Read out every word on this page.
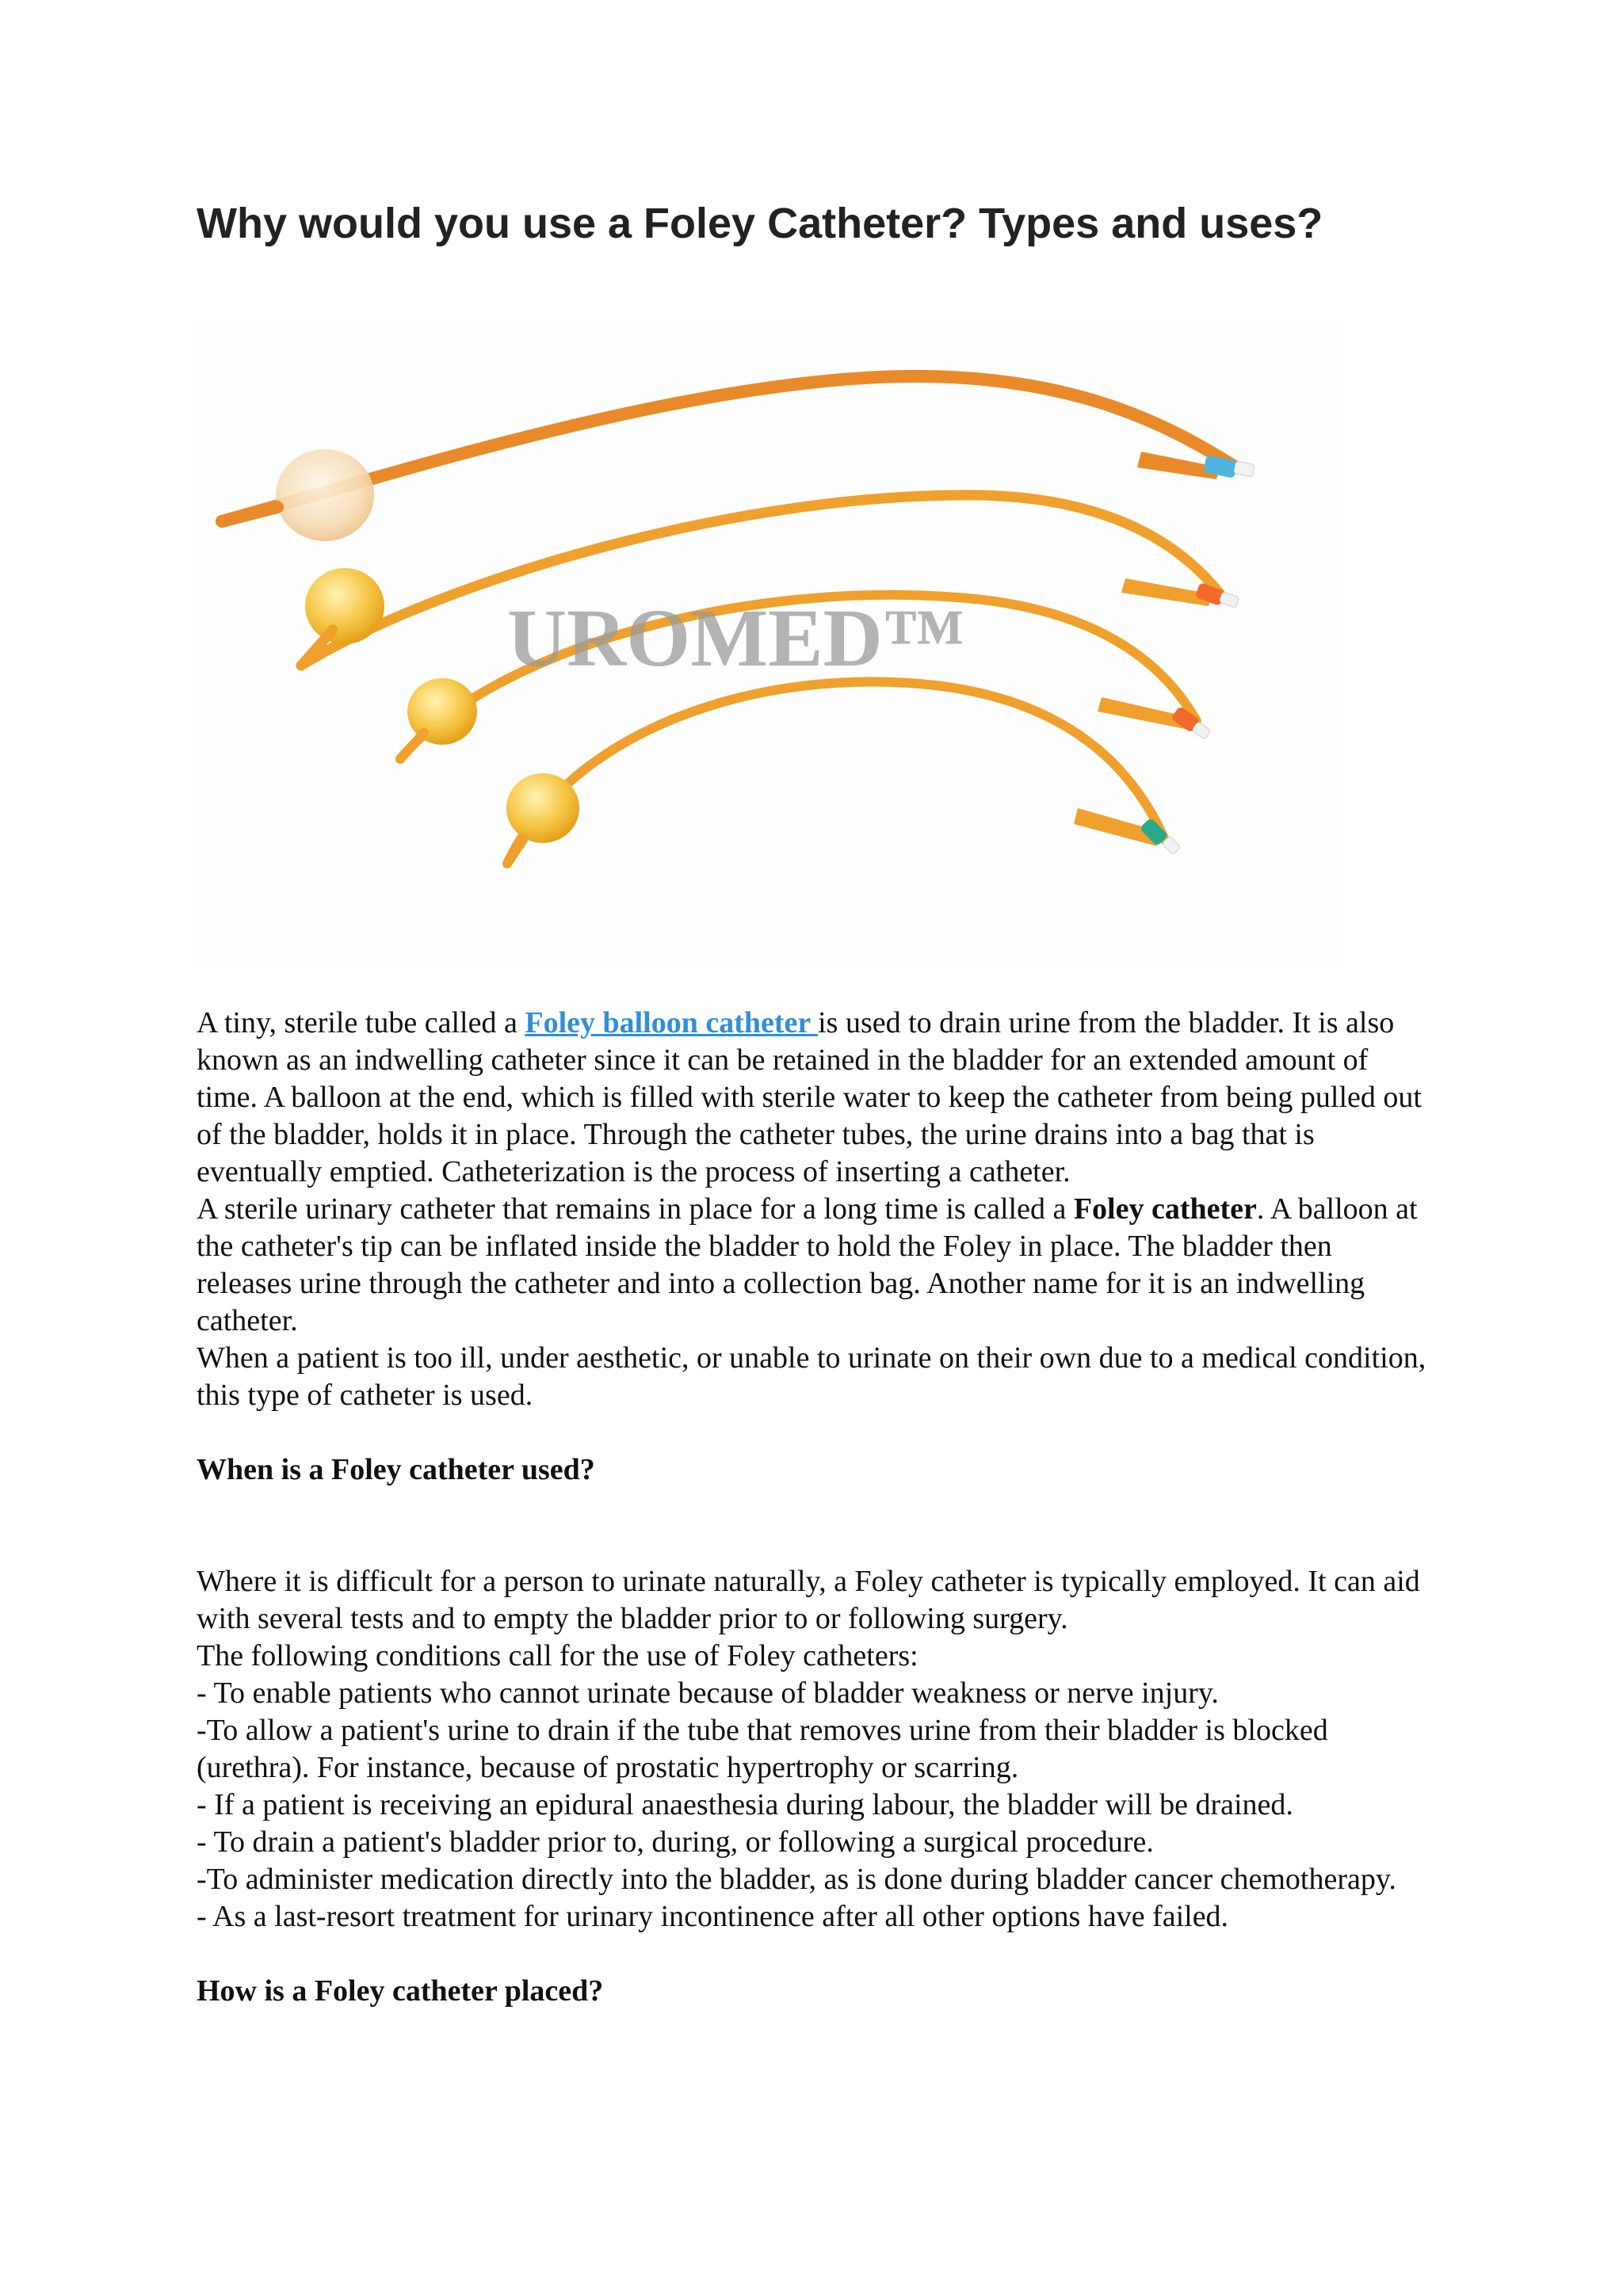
Why would you use a Foley Catheter? Types and uses?
UROMED™

A tiny, sterile tube called a Foley balloon catheter is used to drain urine from the bladder. It is also known as an indwelling catheter since it can be retained in the bladder for an extended amount of time. A balloon at the end, which is filled with sterile water to keep the catheter from being pulled out of the bladder, holds it in place. Through the catheter tubes, the urine drains into a bag that is eventually emptied. Catheterization is the process of inserting a catheter.

A sterile urinary catheter that remains in place for a long time is called a Foley catheter. A balloon at the catheter's tip can be inflated inside the bladder to hold the Foley in place. The bladder then releases urine through the catheter and into a collection bag. Another name for it is an indwelling catheter.

When a patient is too ill, under aesthetic, or unable to urinate on their own due to a medical condition, this type of catheter is used.

When is a Foley catheter used?

Where it is difficult for a person to urinate naturally, a Foley catheter is typically employed. It can aid with several tests and to empty the bladder prior to or following surgery.

The following conditions call for the use of Foley catheters:

- To enable patients who cannot urinate because of bladder weakness or nerve injury.

-To allow a patient's urine to drain if the tube that removes urine from their bladder is blocked (urethra). For instance, because of prostatic hypertrophy or scarring.

- If a patient is receiving an epidural anaesthesia during labour, the bladder will be drained.

- To drain a patient's bladder prior to, during, or following a surgical procedure.

-To administer medication directly into the bladder, as is done during bladder cancer chemotherapy.

- As a last-resort treatment for urinary incontinence after all other options have failed.

How is a Foley catheter placed?
